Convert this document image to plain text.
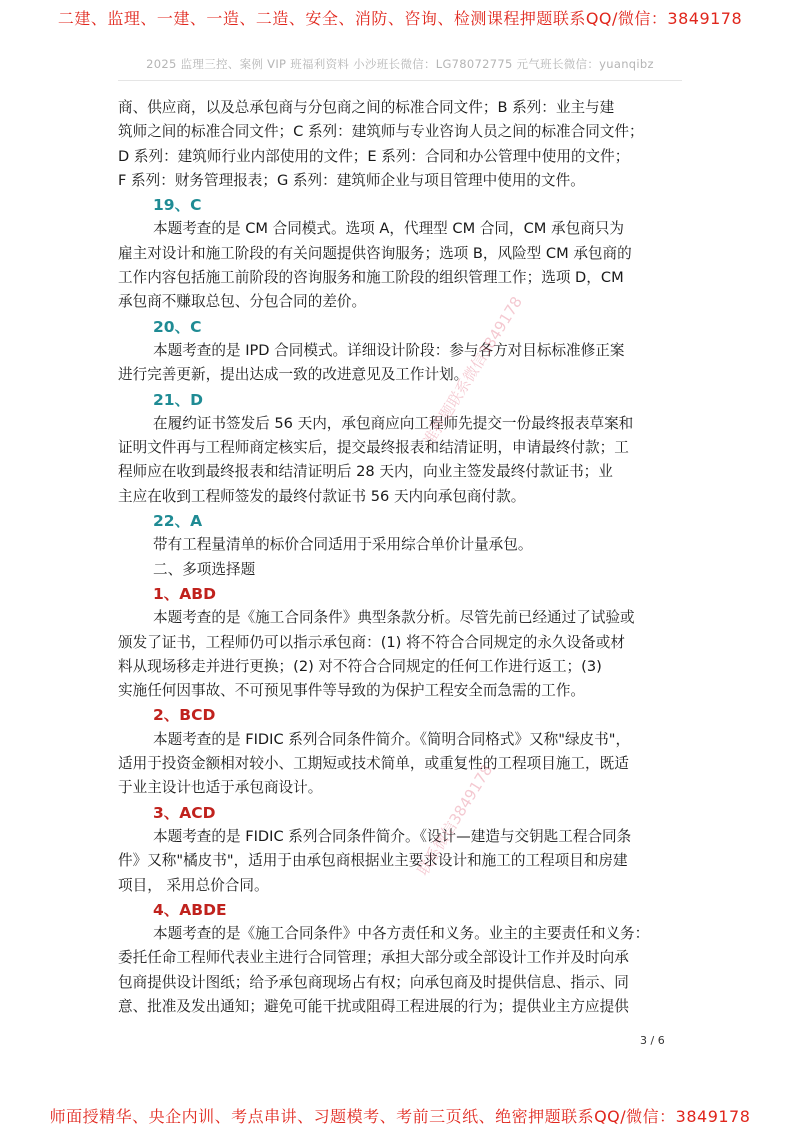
二建、监理、一建、一造、二造、安全、消防、咨询、检测课程押题联系QQ/微信：3849178
2025 监理三控、案例 VIP 班福利资料 小沙班长微信：LG78072775 元气班长微信：yuanqibz
商、供应商，以及总承包商与分包商之间的标准合同文件；B 系列：业主与建
筑师之间的标准合同文件；C 系列：建筑师与专业咨询人员之间的标准合同文件；
D 系列：建筑师行业内部使用的文件；E 系列：合同和办公管理中使用的文件；
F 系列：财务管理报表；G 系列：建筑师企业与项目管理中使用的文件。
19、C
本题考查的是 CM 合同模式。选项 A，代理型 CM 合同，CM 承包商只为
雇主对设计和施工阶段的有关问题提供咨询服务；选项 B，风险型 CM 承包商的
工作内容包括施工前阶段的咨询服务和施工阶段的组织管理工作；选项 D，CM
承包商不赚取总包、分包合同的差价。
20、C
本题考查的是 IPD 合同模式。详细设计阶段：参与各方对目标标准修正案
进行完善更新，提出达成一致的改进意见及工作计划。
21、D
在履约证书签发后 56 天内，承包商应向工程师先提交一份最终报表草案和
证明文件再与工程师商定核实后，提交最终报表和结清证明，申请最终付款；工
程师应在收到最终报表和结清证明后 28 天内，向业主签发最终付款证书；业
主应在收到工程师签发的最终付款证书 56 天内向承包商付款。
22、A
带有工程量清单的标价合同适用于采用综合单价计量承包。
二、多项选择题
1、ABD
本题考查的是《施工合同条件》典型条款分析。尽管先前已经通过了试验或
颁发了证书，工程师仍可以指示承包商：(1) 将不符合合同规定的永久设备或材
料从现场移走并进行更换；(2) 对不符合合同规定的任何工作进行返工；(3)
实施任何因事故、不可预见事件等导致的为保护工程安全而急需的工作。
2、BCD
本题考查的是 FIDIC 系列合同条件简介。《简明合同格式》又称"绿皮书"，
适用于投资金额相对较小、工期短或技术简单，或重复性的工程项目施工，既适
于业主设计也适于承包商设计。
3、ACD
本题考查的是 FIDIC 系列合同条件简介。《设计—建造与交钥匙工程合同条
件》又称"橘皮书"，适用于由承包商根据业主要求设计和施工的工程项目和房建
项目， 采用总价合同。
4、ABDE
本题考查的是《施工合同条件》中各方责任和义务。业主的主要责任和义务：
委托任命工程师代表业主进行合同管理；承担大部分或全部设计工作并及时向承
包商提供设计图纸；给予承包商现场占有权；向承包商及时提供信息、指示、同
意、批准及发出通知；避免可能干扰或阻碍工程进展的行为；提供业主方应提供
准押题联系微信3849178
联系微信3849178
3 / 6
师面授精华、央企内训、考点串讲、习题模考、考前三页纸、绝密押题联系QQ/微信：3849178
